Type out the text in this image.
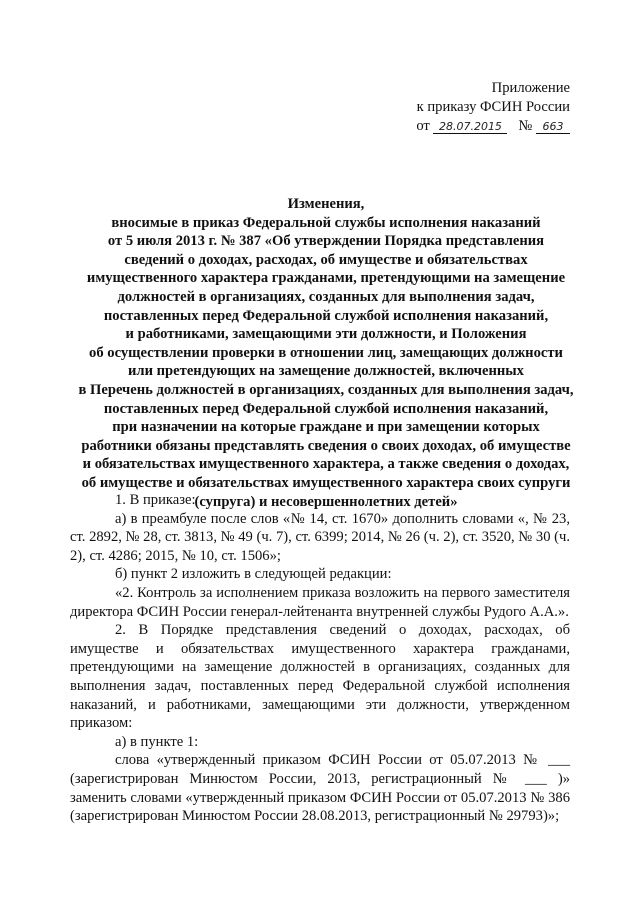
Приложение
к приказу ФСИН России
от 28.07.2015 № 663
Изменения,
вносимые в приказ Федеральной службы исполнения наказаний
от 5 июля 2013 г. № 387 «Об утверждении Порядка представления
сведений о доходах, расходах, об имуществе и обязательствах
имущественного характера гражданами, претендующими на замещение
должностей в организациях, созданных для выполнения задач,
поставленных перед Федеральной службой исполнения наказаний,
и работниками, замещающими эти должности, и Положения
об осуществлении проверки в отношении лиц, замещающих должности
или претендующих на замещение должностей, включенных
в Перечень должностей в организациях, созданных для выполнения задач,
поставленных перед Федеральной службой исполнения наказаний,
при назначении на которые граждане и при замещении которых
работники обязаны представлять сведения о своих доходах, об имуществе
и обязательствах имущественного характера, а также сведения о доходах,
об имуществе и обязательствах имущественного характера своих супруги
(супруга) и несовершеннолетних детей»

1. В приказе:

а) в преамбуле после слов «№ 14, ст. 1670» дополнить словами «, № 23, ст. 2892, № 28, ст. 3813, № 49 (ч. 7), ст. 6399; 2014, № 26 (ч. 2), ст. 3520, № 30 (ч. 2), ст. 4286; 2015, № 10, ст. 1506»;

б) пункт 2 изложить в следующей редакции:

«2. Контроль за исполнением приказа возложить на первого заместителя директора ФСИН России генерал-лейтенанта внутренней службы Рудого А.А.».

2. В Порядке представления сведений о доходах, расходах, об имуществе и обязательствах имущественного характера гражданами, претендующими на замещение должностей в организациях, созданных для выполнения задач, поставленных перед Федеральной службой исполнения наказаний, и работниками, замещающими эти должности, утвержденном приказом:

а) в пункте 1:

слова «утвержденный приказом ФСИН России от 05.07.2013 № ___ (зарегистрирован Минюстом России, 2013, регистрационный № ___ )» заменить словами «утвержденный приказом ФСИН России от 05.07.2013 № 386 (зарегистрирован Минюстом России 28.08.2013, регистрационный № 29793)»;
